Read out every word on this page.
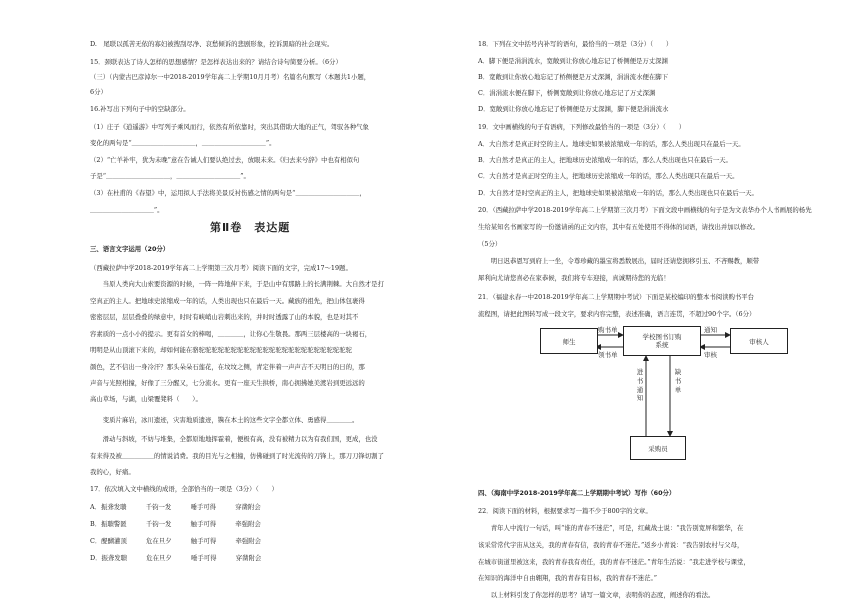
D.　尾联以孤苦无依的寡妇被搜刮尽净、哀愁倾诉的悲剧形象，控诉黑暗的社会现实。

15．颈联表达了诗人怎样的思想感情？是怎样表达出来的？请结合诗句简要分析。（6分）

（三）（内蒙古巴彦淖尔一中2018-2019学年高二上学期10月月考）名篇名句默写（本题共1小题，

6分）

16.补写出下列句子中的空缺部分。

（1）庄子《逍遥游》中写列子乘风而行，依然有所依靠时，突出其借助大地的正气，驾驭各种气象

变化的两句是“＿＿＿＿＿＿＿＿＿＿，＿＿＿＿＿＿＿＿＿＿”。

（2）“亡羊补牢，犹为未晚”意在告诫人们要认绝过去，放眼未来。《归去来兮辞》中也有相似句

子是“＿＿＿＿＿＿＿＿＿＿，＿＿＿＿＿＿＿＿＿＿”。

（3）在杜甫的《春望》中，运用拟人手法将美景反衬伤感之情的两句是“＿＿＿＿＿＿＿＿＿＿，

＿＿＿＿＿＿＿＿＿＿”。

三、语言文字运用（20分）

（西藏拉萨中学2018-2019学年高二上学期第三次月考）阅读下面的文字，完成17～19题。

　　当原人类向大山索要资源的时候，一阵一阵地伸下来，于是山中有那路上的长满荆棘。大自然才是打

空真正的主人。把地球史浓缩成一年的话，人类出现也只在最后一天。藏族的祖先，把山体包裹得

密密层层，层层叠叠的绿意中，时时有峡峭山岩刺出来的，并时时透露了山的本貌，也是对其不

容素质的一点小小的提示。更有首女的棒喝，＿＿＿＿，让你心生敬畏。那两三层楼高的一块褐石，

明明是从山顶滚下来的，却如何能在骆驼驼驼驼驼驼驼驼驼驼驼驼驼驼驼驼驼驼驼驼驼驼驼驼

颜色，艺不信出一身冷汗？那头朵朵石莲花，在坟坟之侧，青定伴着一声声吉不天明日的日的，那

声音与光照相撞，好像了三分醒又，七分流水。更有一座天生拱桥，南心拥拂她美渡岩到更远远的

高山草场，与湖，山梁覆凳料（　　）。

　　变质片麻岩，冰川遗迹，灾害地质遗迹，镌在本土的这些文字全都立体、勇感得＿＿＿＿。

　　滑动与斜坡，不妨与堆集，全都原地地挥霍着，便极有高，没有被精力以为有我们国，更成，也没

有来得及被＿＿＿＿＿的情说消费。我的目光与之相撞，仿佛碰到了时光流传的刀锋上，那刀刀锋切割了

我的心，好痛。

17．依次填入文中横线的成语，全部恰当的一项是（3分）（　　）

A．振聋发聩　　　千钧一发　　　唾手可得　　　穿凿附会

B．振聩警匿　　　千钧一发　　　触手可得　　　牵强附会

C．醍醐灌顶　　　危在旦夕　　　触手可得　　　牵强附会

D．振聋发聩　　　危在旦夕　　　唾手可得　　　穿凿附会

18．下列在文中括号内补写的语句，最恰当的一项是（3分）（　　）

A．脚下便是涓涓流水，宽敞到让你放心地忘记了桥侧便是万丈深渊

B．宽敞到让你放心地忘记了桥侧便是万丈深渊，涓涓流水便在脚下

C．涓涓流水便在脚下，桥侧宽敞到让你放心地忘记了万丈深渊

D．宽敞到让你放心地忘记了桥侧便是万丈深渊，脚下便是涓涓流水

19．文中画横线的句子有语病，下列修改最恰当的一项是（3分）（　　）

A．大自然才是真正时空的主人。地球史如果被浓缩成一年的话，那么人类出现只在最后一天。

B．大自然才是真正的主人，把地球历史浓缩成一年的话，那么人类出现也只在最后一天。

C．大自然才是真正时空的主人，把地球历史浓缩成一年的话，那么人类出现只在最后一天。

D．大自然才是时空真正的主人，把地球史如果被浓缩成一年的话，那么人类出现也只在最后一天。

20．（西藏拉萨中学2018-2019学年高二上学期第三次月考）下面文段中画横线的句子是为文表华办个人书画展的杨先

生给某知名书画家写的一份邀请函的正文内容，其中有五处使用不得体的词语，请找出并加以修改。

（5分）

　　明日迟恭恩写到府上一坐，令尊珍藏的墨宝将悉数展出，届时还请您拥移引玉、不吝赐教，顺带

犀利向尤请您喜必在家恭候，我们将专车迎接，真诚期待您的光临！

21．（福建永春一中2018-2019学年高二上学期期中考试）下面是某校编印的整本书阅读购书平台

流程图，请把此图转写成一段文字，要求内容完整，表述准确，语言连贯，不超过90个字。（6分）

四、（海南中学2018-2019学年高二上学期期中考试）写作（60分）

22．阅读下面的材料，根据要求写一篇不少于800字的文章。

　　青年人中流行一句话，叫“谁的青春不迷茫”，可是，红藏战士说：“我告别宽屏和繁华，在

该采常常代宇宙从这关，我的青春有信，我的青春不迷茫。”返乡小青说：“我告别农村与父母，

在城市街道里被这来，我的青春我有责任，我的青春不迷茫。”青年生活说：“我走进学校与课堂，

在知识的海洋中自由翱翔，我的青春有目标，我的青春不迷茫。”

　　以上材料引发了你怎样的思考？请写一篇文章，表明你的态度，阐述你的看法。

第Ⅱ卷　表达题
师生
学校图书订购系统	审核人
采购员
购书单
领书单
通知
审核
进书通知
缺书单
